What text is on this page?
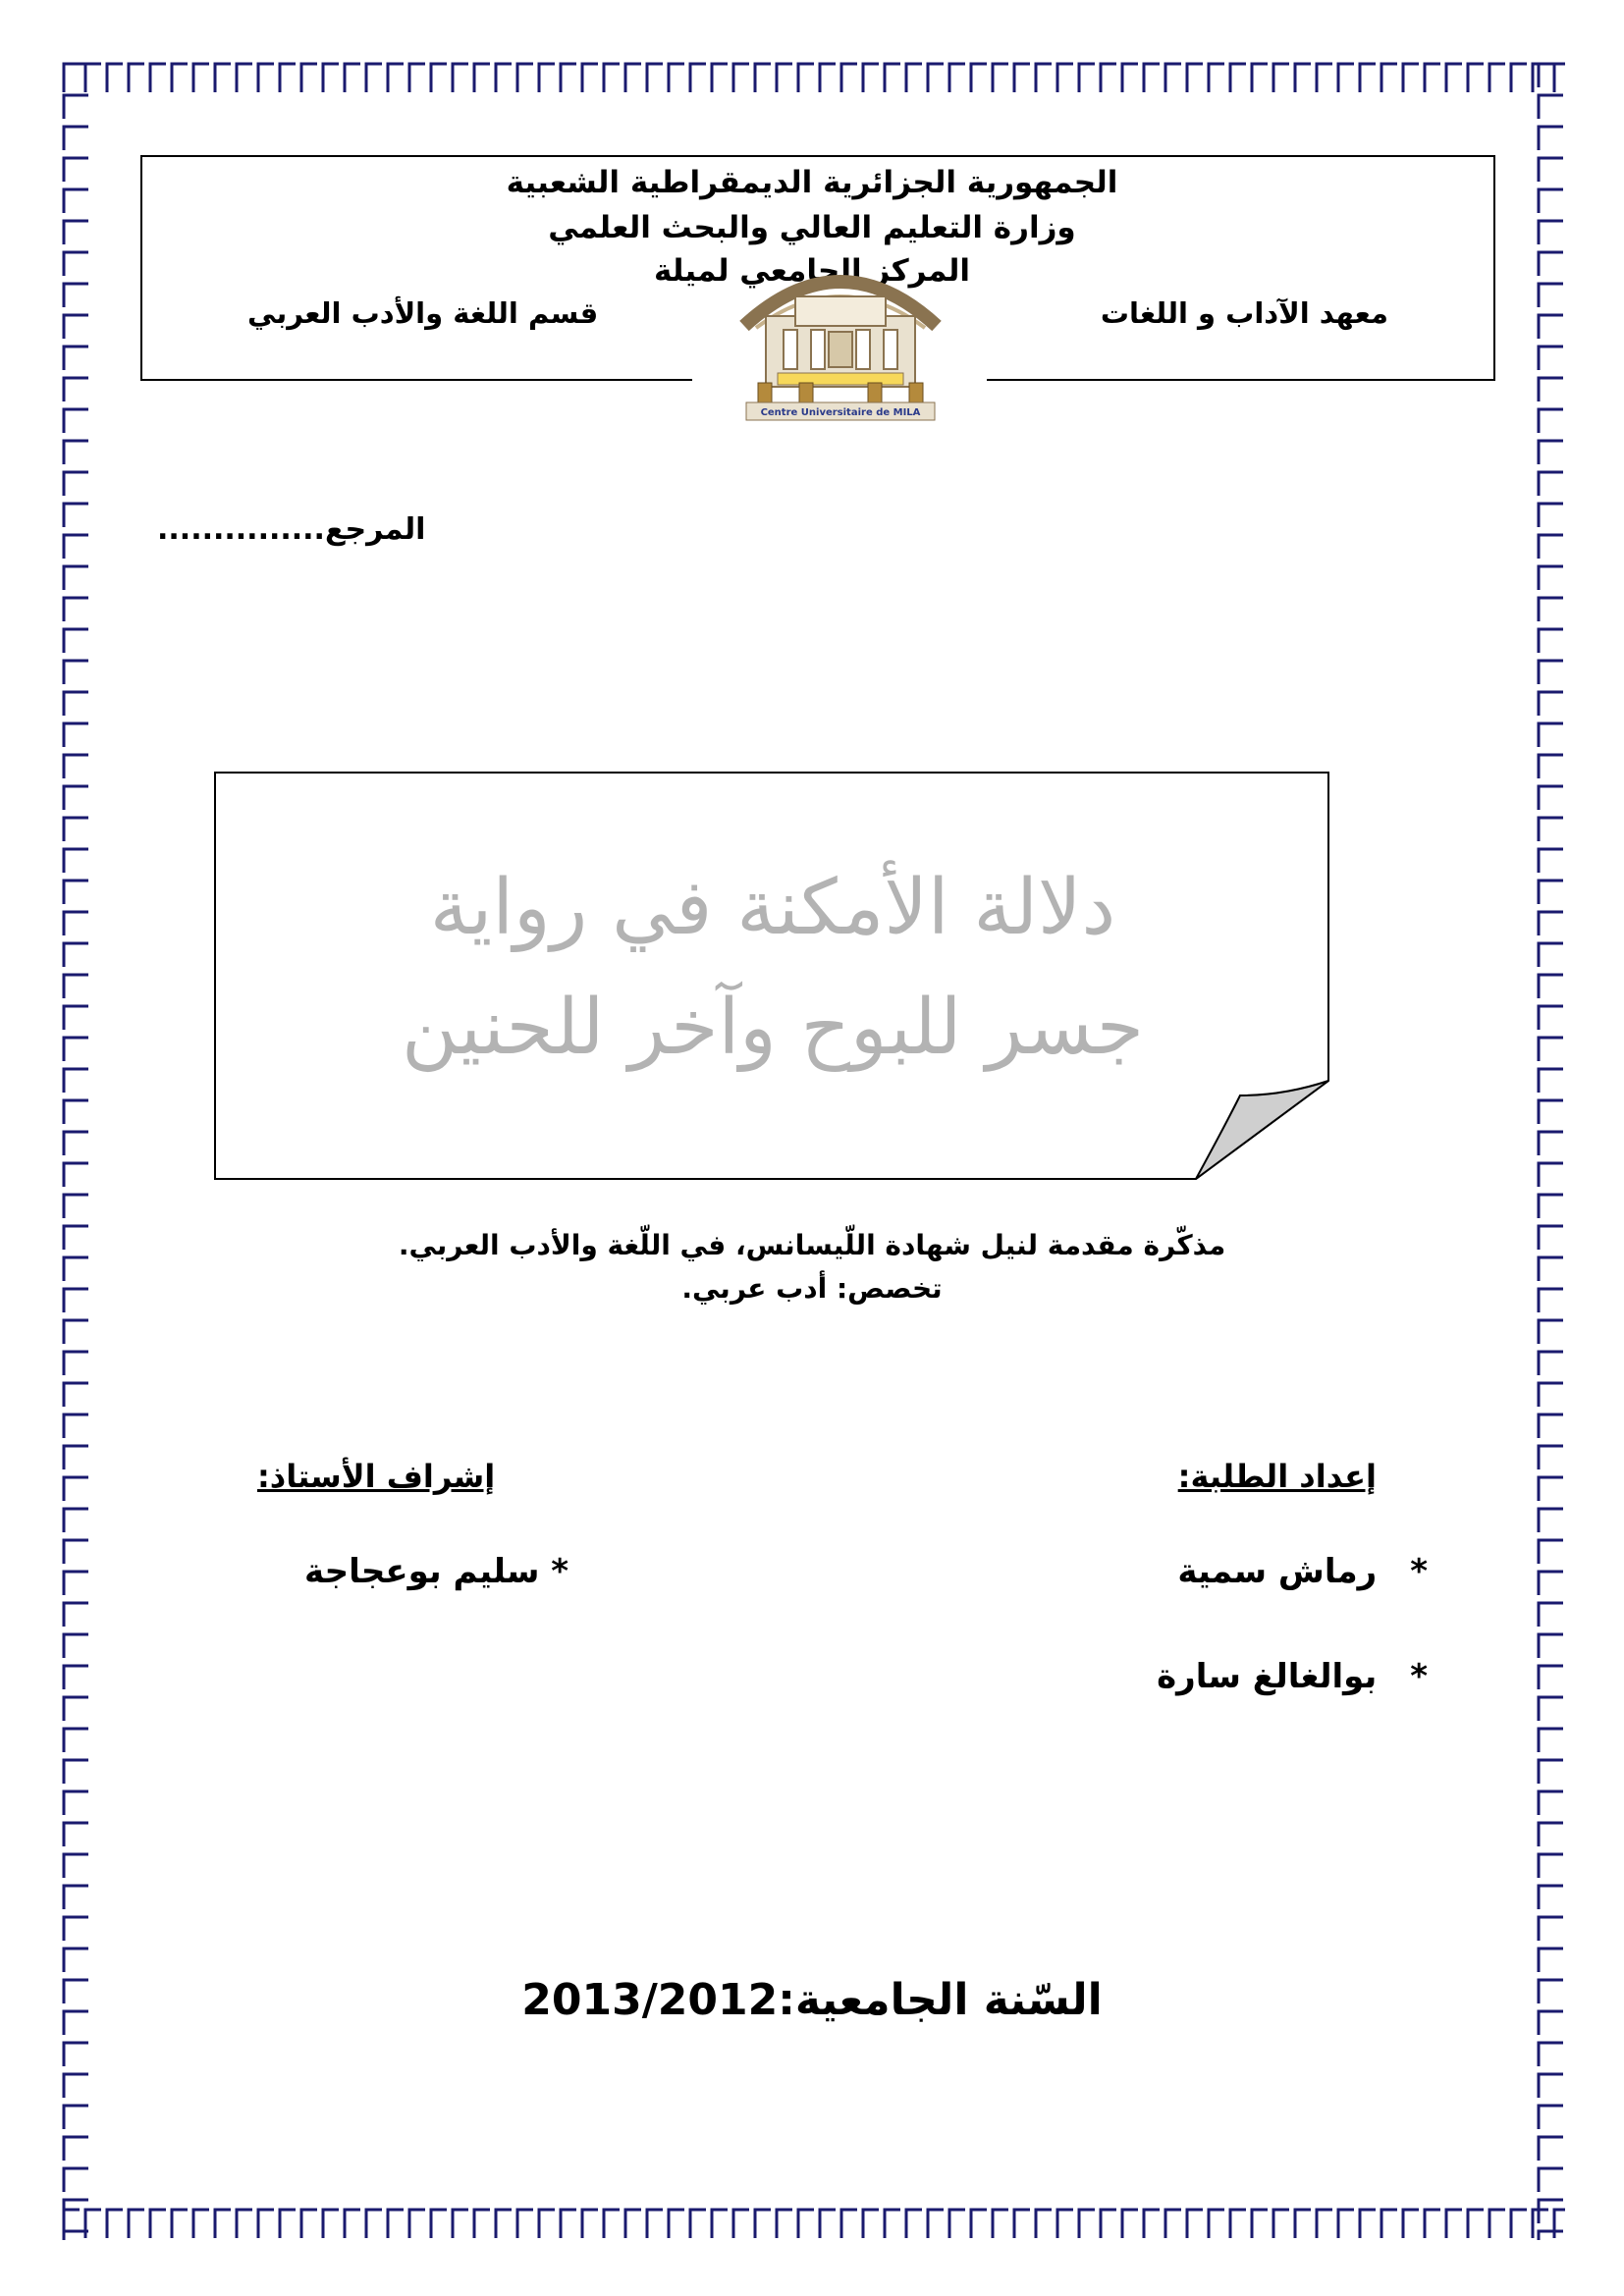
الجمهورية الجزائرية الديمقراطية الشعبية
وزارة التعليم العالي والبحث العلمي
المركز الجامعي لميلة
معهد الآداب و اللغات
قسم اللغة والأدب العربي
Centre Universitaire de MILA
المرجع...............
دلالة الأمكنة في رواية
جسر للبوح وآخر للحنين
مذكّرة مقدمة لنيل شهادة اللّيسانس، في اللّغة والأدب العربي.
تخصص: أدب عربي.
إعداد الطلبة:
إشراف الأستاذ:
*رماش سمية
*بوالغالغ سارة
* سليم بوعجاجة
السّنة الجامعية:2013/2012
